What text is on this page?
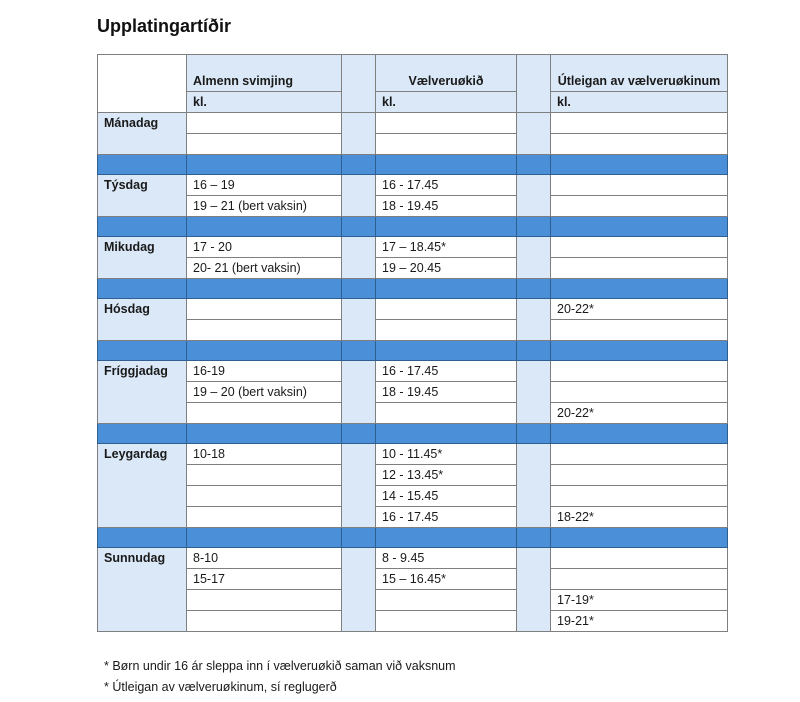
Upplatingartíðir
	Almenn svimjing		Vælveruøkið		Útleigan av vælveruøkinum
	kl.		kl.		kl.
Mánadag					

Týsdag	16 – 19		16 - 17.45		
	19 – 21 (bert vaksin)		18 - 19.45		

Mikudag	17 - 20		17 – 18.45*		
	20- 21 (bert vaksin)		19 – 20.45		

Hósdag					20-22*

Fríggjadag	16-19		16 - 17.45		
	19 – 20 (bert vaksin)		18 - 19.45		
					20-22*

Leygardag	10-18		10 - 11.45*		
			12 - 13.45*		
			14 - 15.45		
			16 - 17.45		18-22*

Sunnudag	8-10		8 - 9.45		
	15-17		15 – 16.45*		
					17-19*
					19-21*
* Børn undir 16 ár sleppa inn í vælveruøkið saman við vaksnum
* Útleigan av vælveruøkinum, sí reglugerð
